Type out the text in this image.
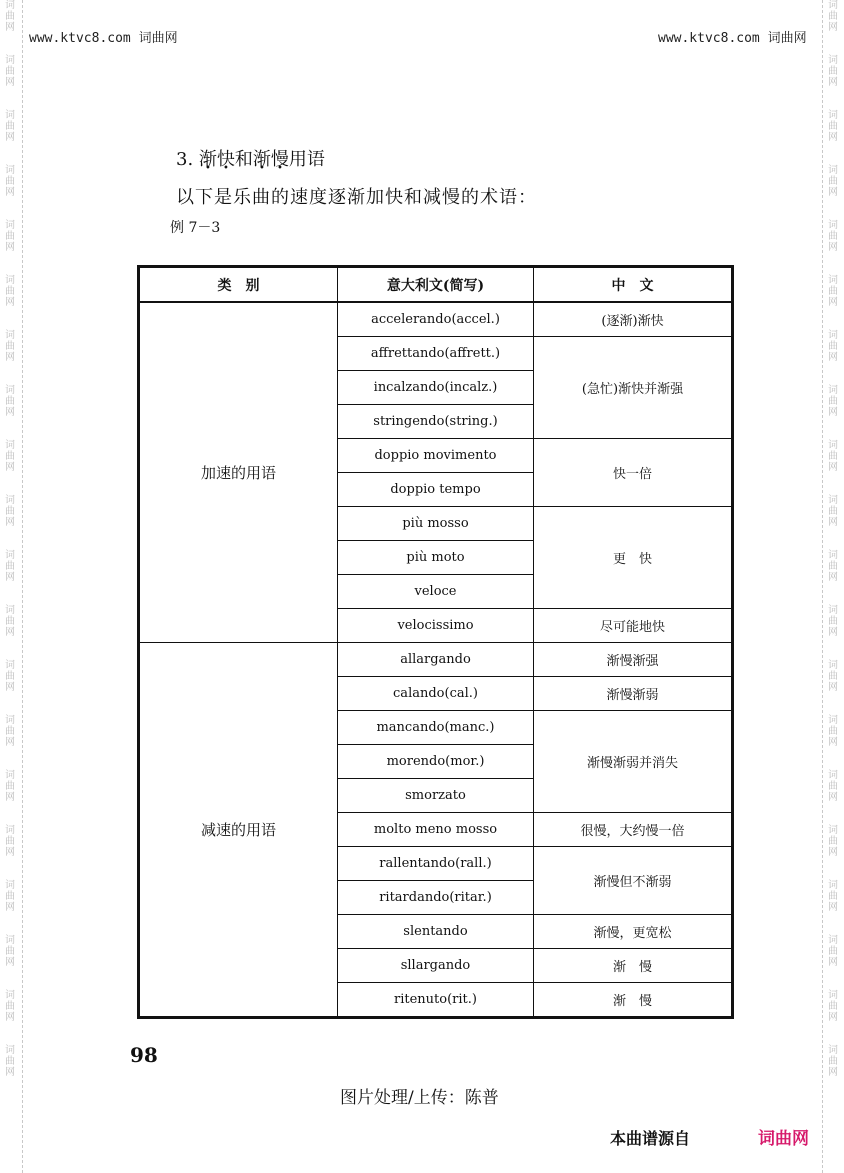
词
曲
网
词
曲
网
词
曲
网
词
曲
网
词
曲
网
词
曲
网
词
曲
网
词
曲
网
词
曲
网
词
曲
网
词
曲
网
词
曲
网
词
曲
网
词
曲
网
词
曲
网
词
曲
网
词
曲
网
词
曲
网
词
曲
网
词
曲
网
词
曲
网
词
曲
网
词
曲
网
词
曲
网
词
曲
网
词
曲
网
词
曲
网
词
曲
网
词
曲
网
词
曲
网
词
曲
网
词
曲
网
词
曲
网
词
曲
网
词
曲
网
词
曲
网
词
曲
网
词
曲
网
词
曲
网
词
曲
网
www.ktvc8.com 词曲网	www.ktvc8.com 词曲网
3. 渐快和渐慢用语
以下是乐曲的速度逐渐加快和减慢的术语：
例 7－3
类　别	意大利文(简写)	中　文
加速的用语	accelerando(accel.)	(逐渐)渐快
	affrettando(affrett.)	(急忙)渐快并渐强
	incalzando(incalz.)	
	stringendo(string.)	
	doppio movimento	快一倍
	doppio tempo	
	più mosso	更　快
	più moto	
	veloce	
	velocissimo	尽可能地快
减速的用语	allargando	渐慢渐强
	calando(cal.)	渐慢渐弱
	mancando(manc.)	渐慢渐弱并消失
	morendo(mor.)	
	smorzato	
	molto meno mosso	很慢，大约慢一倍
	rallentando(rall.)	渐慢但不渐弱
	ritardando(ritar.)	
	slentando	渐慢，更宽松
	sllargando	渐　慢
	ritenuto(rit.)	渐　慢
98
图片处理/上传：陈普
本曲谱源自	词曲网
